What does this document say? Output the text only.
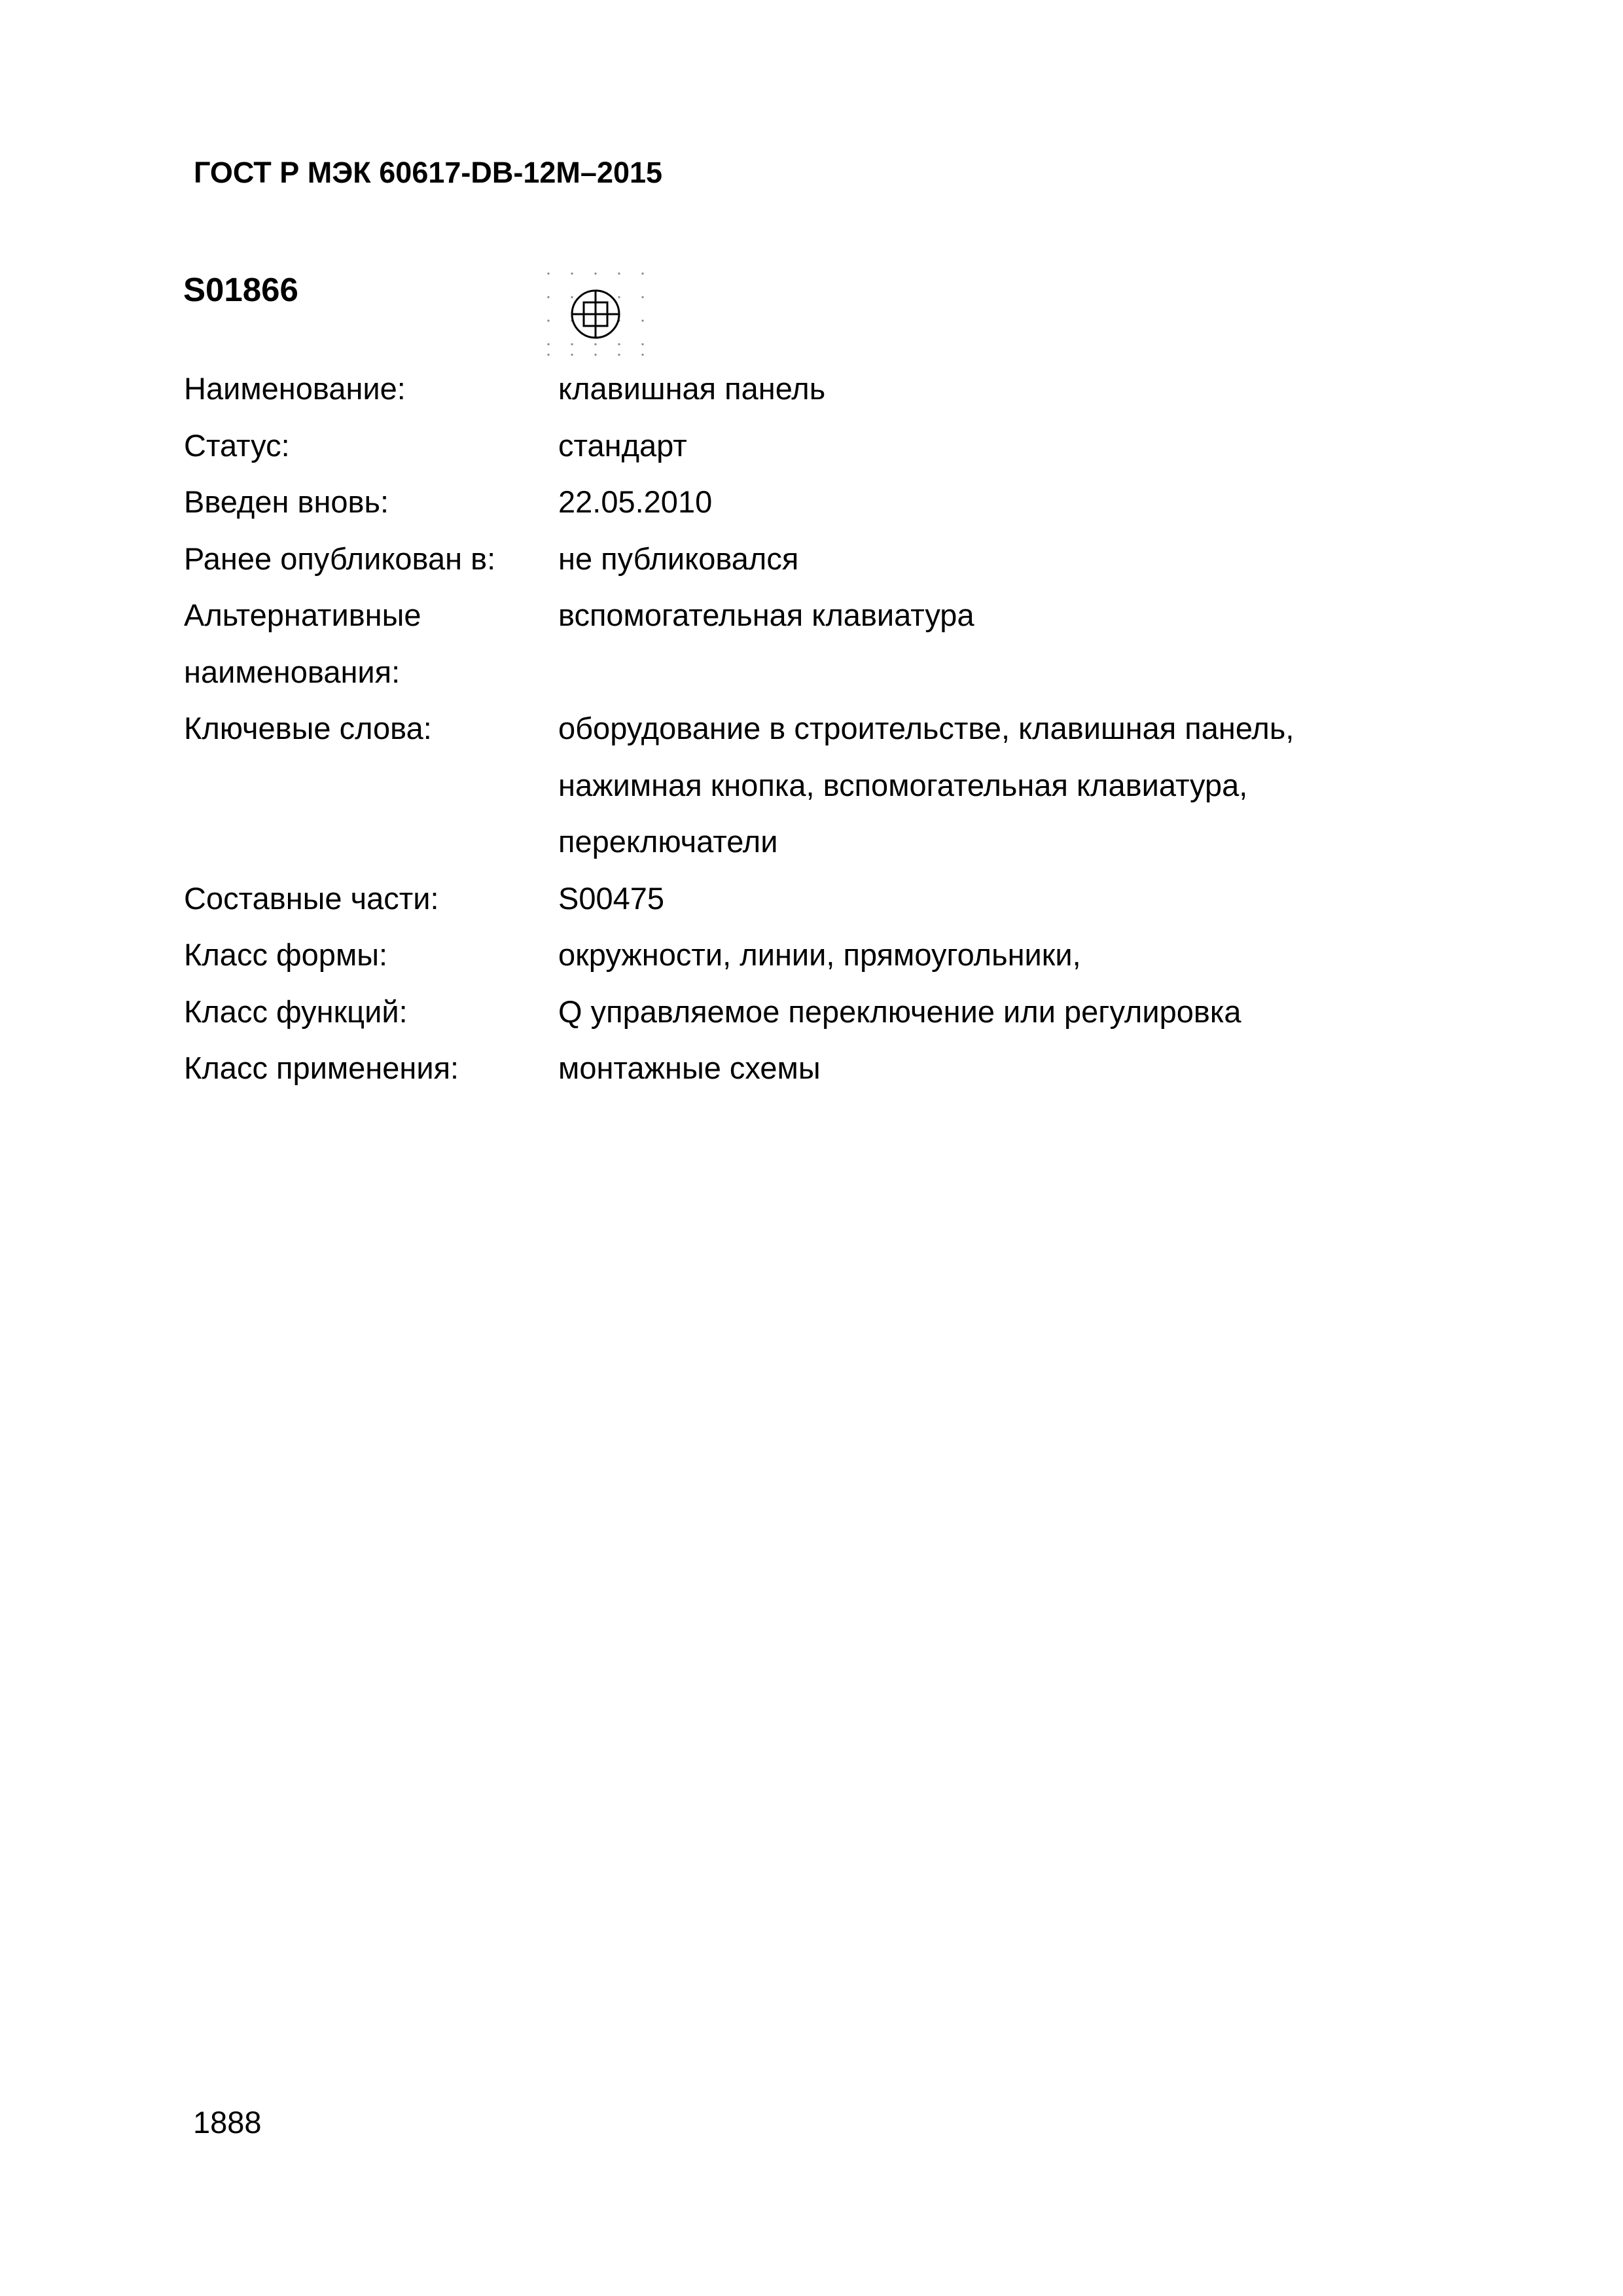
ГОСТ Р МЭК 60617-DB-12M–2015
S01866
Наименование:	клавишная панель

Статус:	стандарт

Введен вновь:	22.05.2010

Ранее опубликован в:	не публиковался

Альтернативные
наименования:	вспомогательная клавиатура

Ключевые слова:	оборудование в строительстве, клавишная панель,
нажимная кнопка, вспомогательная клавиатура,
переключатели

Составные части:	S00475

Класс формы:	окружности, линии, прямоугольники,

Класс функций:	Q управляемое переключение или регулировка

Класс применения:	монтажные схемы
1888
